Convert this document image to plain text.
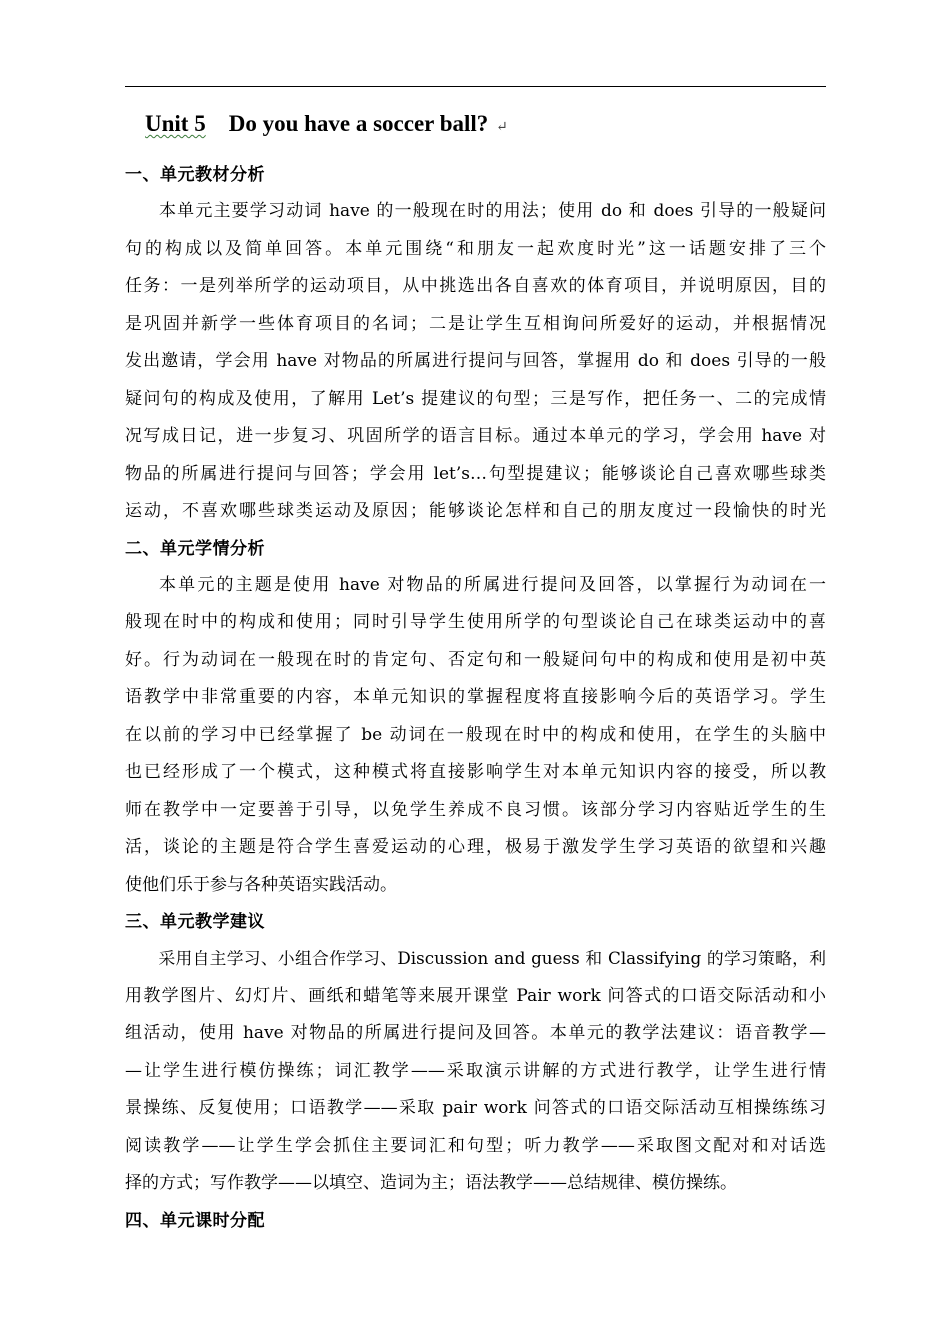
Unit 5 Do you have a soccer ball? ↵
一、单元教材分析
本单元主要学习动词 have 的一般现在时的用法；使用 do 和 does 引导的一般疑问
句的构成以及简单回答。本单元围绕“和朋友一起欢度时光”这一话题安排了三个
任务：一是列举所学的运动项目，从中挑选出各自喜欢的体育项目，并说明原因，目的
是巩固并新学一些体育项目的名词；二是让学生互相询问所爱好的运动，并根据情况
发出邀请，学会用 have 对物品的所属进行提问与回答，掌握用 do 和 does 引导的一般
疑问句的构成及使用，了解用 Let’s 提建议的句型；三是写作，把任务一、二的完成情
况写成日记，进一步复习、巩固所学的语言目标。通过本单元的学习，学会用 have 对
物品的所属进行提问与回答；学会用 let’s…句型提建议；能够谈论自己喜欢哪些球类
运动，不喜欢哪些球类运动及原因；能够谈论怎样和自己的朋友度过一段愉快的时光
二、单元学情分析
本单元的主题是使用 have 对物品的所属进行提问及回答，以掌握行为动词在一
般现在时中的构成和使用；同时引导学生使用所学的句型谈论自己在球类运动中的喜
好。行为动词在一般现在时的肯定句、否定句和一般疑问句中的构成和使用是初中英
语教学中非常重要的内容，本单元知识的掌握程度将直接影响今后的英语学习。学生
在以前的学习中已经掌握了 be 动词在一般现在时中的构成和使用，在学生的头脑中
也已经形成了一个模式，这种模式将直接影响学生对本单元知识内容的接受，所以教
师在教学中一定要善于引导，以免学生养成不良习惯。该部分学习内容贴近学生的生
活，谈论的主题是符合学生喜爱运动的心理，极易于激发学生学习英语的欲望和兴趣
使他们乐于参与各种英语实践活动。
三、单元教学建议
采用自主学习、小组合作学习、Discussion and guess 和 Classifying 的学习策略，利
用教学图片、幻灯片、画纸和蜡笔等来展开课堂 Pair work 问答式的口语交际活动和小
组活动，使用 have 对物品的所属进行提问及回答。本单元的教学法建议：语音教学—
—让学生进行模仿操练；词汇教学——采取演示讲解的方式进行教学，让学生进行情
景操练、反复使用；口语教学——采取 pair work 问答式的口语交际活动互相操练练习
阅读教学——让学生学会抓住主要词汇和句型；听力教学——采取图文配对和对话选
择的方式；写作教学——以填空、造词为主；语法教学——总结规律、模仿操练。
四、单元课时分配
